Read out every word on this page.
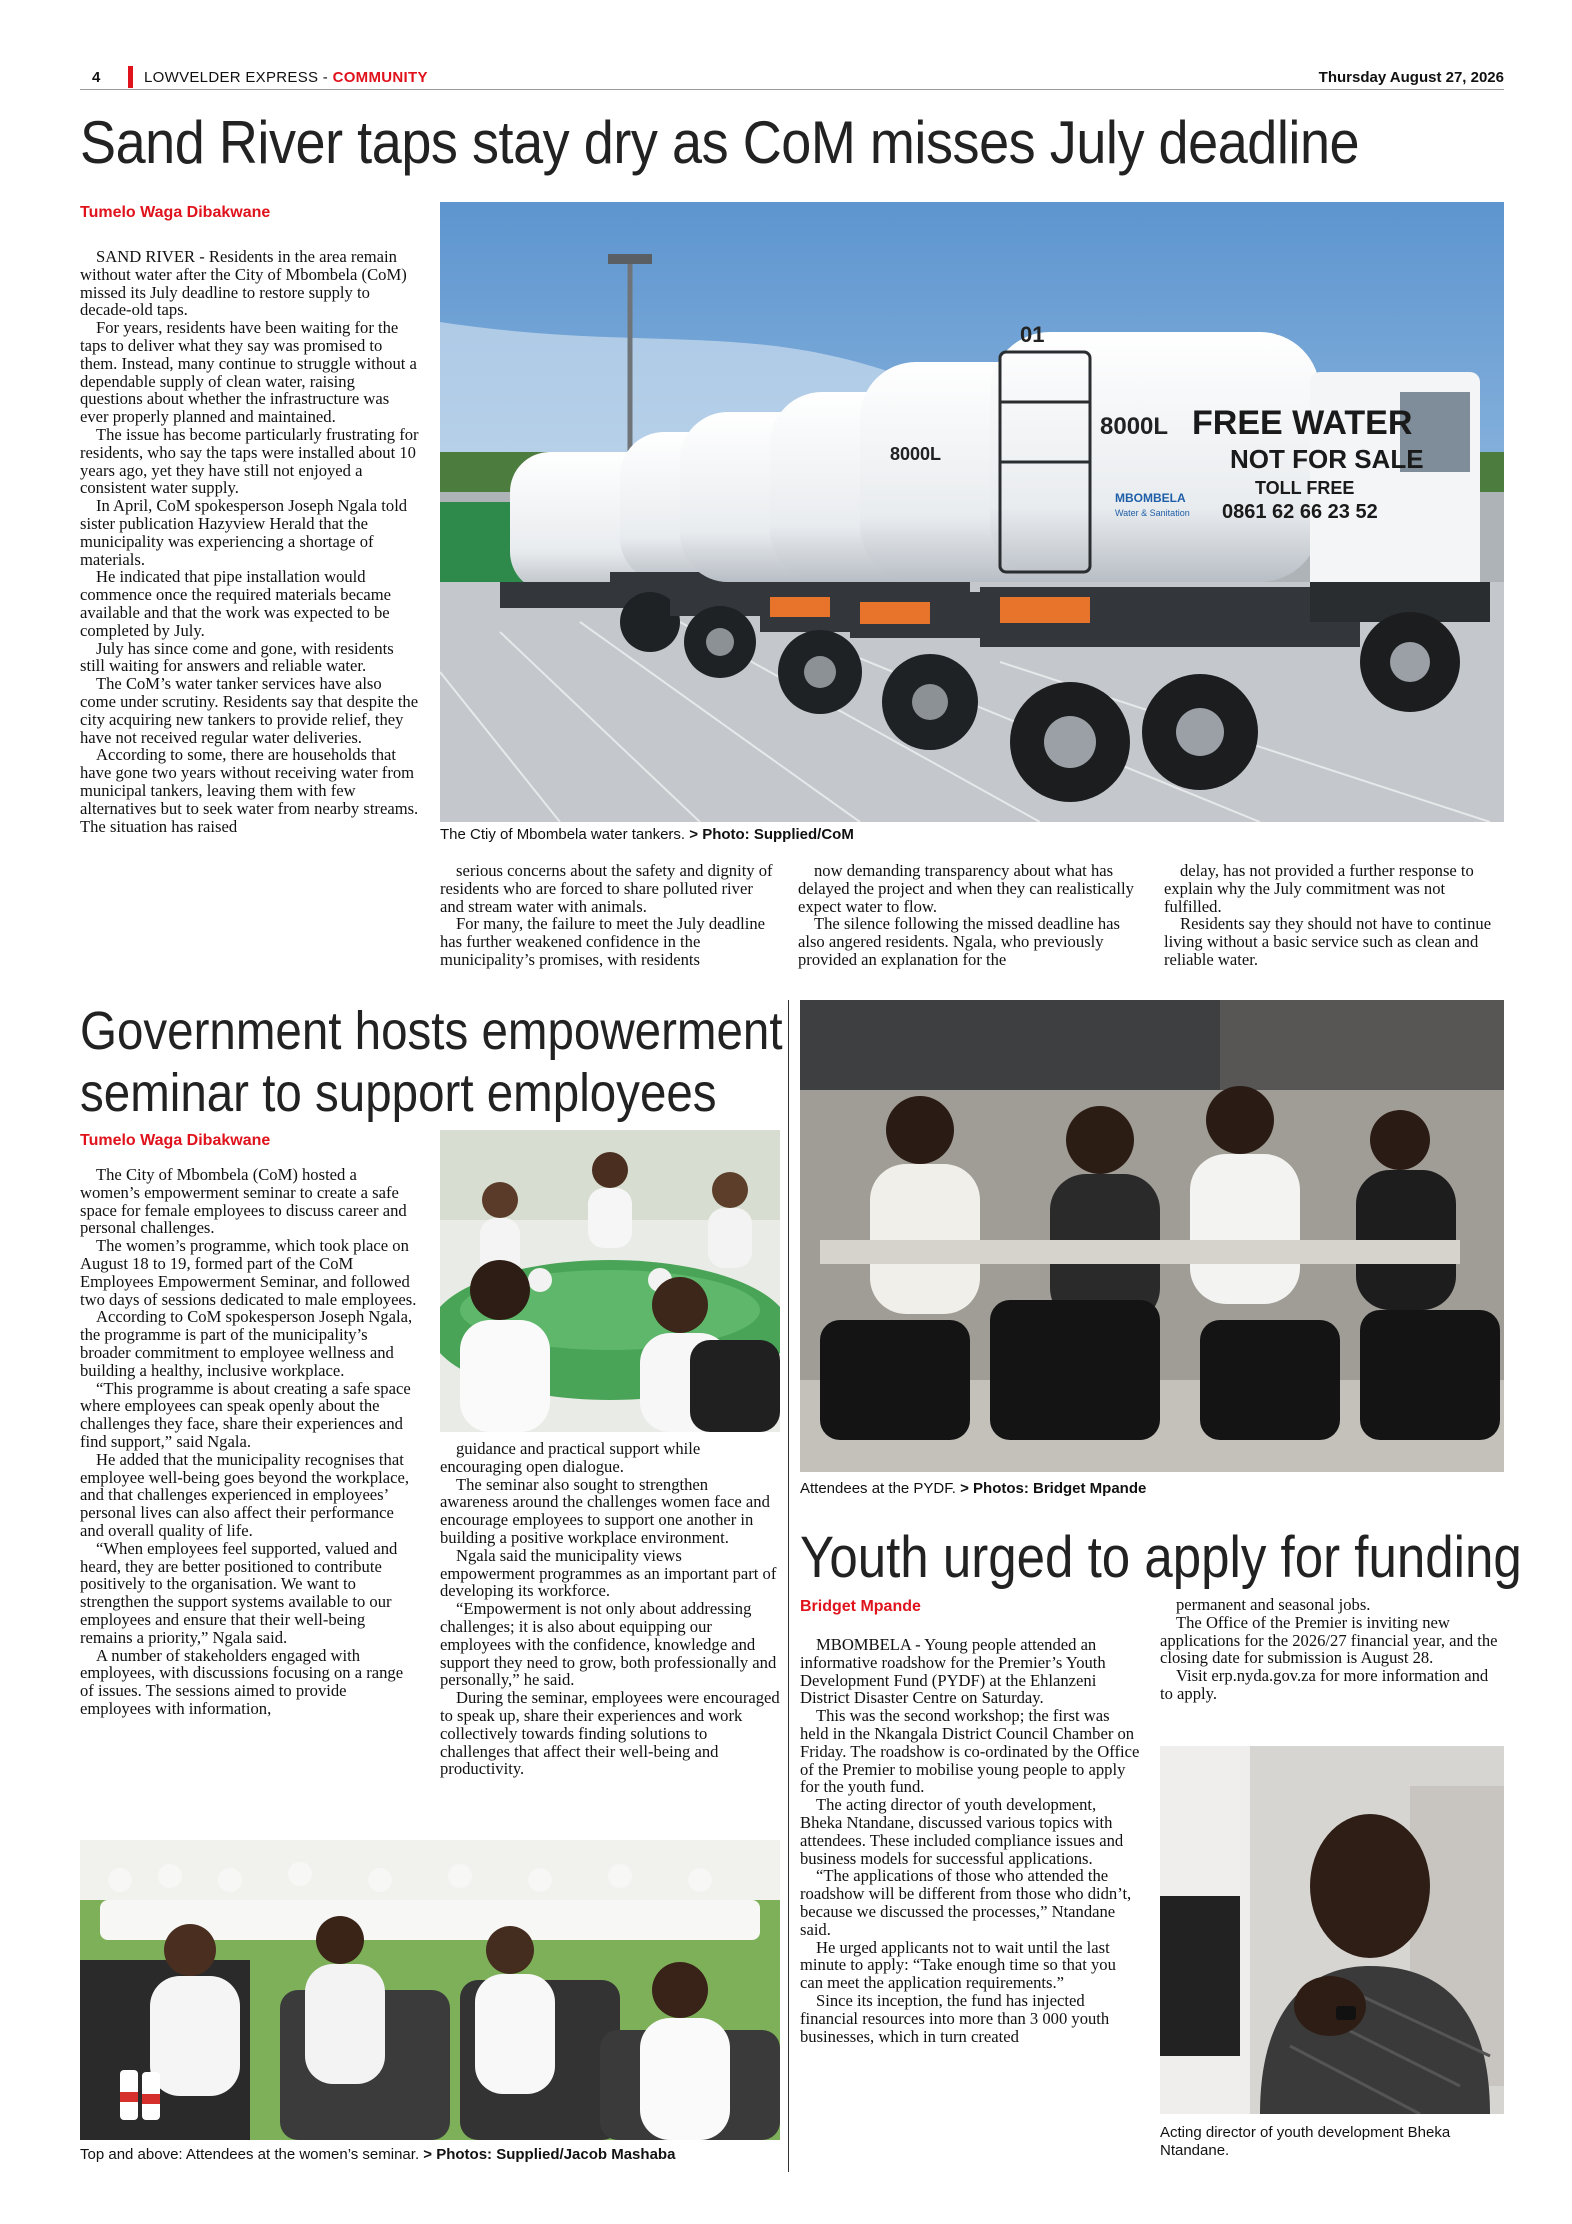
4	LOWVELDER EXPRESS - COMMUNITY	Thursday August 27, 2026
Sand River taps stay dry as CoM misses July deadline
Tumelo Waga Dibakwane

SAND RIVER - Residents in the area remain without water after the City of Mbombela (CoM) missed its July deadline to restore supply to decade-old taps.

For years, residents have been waiting for the taps to deliver what they say was promised to them. Instead, many continue to struggle without a dependable supply of clean water, raising questions about whether the infrastructure was ever properly planned and maintained.

The issue has become particularly frustrating for residents, who say the taps were installed about 10 years ago, yet they have still not enjoyed a consistent water supply.

In April, CoM spokesperson Joseph Ngala told sister publication Hazyview Herald that the municipality was experiencing a shortage of materials.

He indicated that pipe installation would commence once the required materials became available and that the work was expected to be completed by July.

July has since come and gone, with residents still waiting for answers and reliable water.

The CoM’s water tanker services have also come under scrutiny. Residents say that despite the city acquiring new tankers to provide relief, they have not received regular water deliveries.

According to some, there are households that have gone two years without receiving water from municipal tankers, leaving them with few alternatives but to seek water from nearby streams. The situation has raised

01
8000L
8000L FREE WATER
NOT FOR SALE
TOLL FREE
0861 62 66 23 52
MBOMBELA
Water & Sanitation
The Ctiy of Mbombela water tankers. > Photo: Supplied/CoM

serious concerns about the safety and dignity of residents who are forced to share polluted river and stream water with animals.

For many, the failure to meet the July deadline has further weakened confidence in the municipality’s promises, with residents

now demanding transparency about what has delayed the project and when they can realistically expect water to flow.

The silence following the missed deadline has also angered residents. Ngala, who previously provided an explanation for the

delay, has not provided a further response to explain why the July commitment was not fulfilled.

Residents say they should not have to continue living without a basic service such as clean and reliable water.

Government hosts empowerment
seminar to support employees
Tumelo Waga Dibakwane

The City of Mbombela (CoM) hosted a women’s empowerment seminar to create a safe space for female employees to discuss career and personal challenges.

The women’s programme, which took place on August 18 to 19, formed part of the CoM Employees Empowerment Seminar, and followed two days of sessions dedicated to male employees.

According to CoM spokesperson Joseph Ngala, the programme is part of the municipality’s broader commitment to employee wellness and building a healthy, inclusive workplace.

“This programme is about creating a safe space where employees can speak openly about the challenges they face, share their experiences and find support,” said Ngala.

He added that the municipality recognises that employee well-being goes beyond the workplace, and that challenges experienced in employees’ personal lives can also affect their performance and overall quality of life.

“When employees feel supported, valued and heard, they are better positioned to contribute positively to the organisation. We want to strengthen the support systems available to our employees and ensure that their well-being remains a priority,” Ngala said.

A number of stakeholders engaged with employees, with discussions focusing on a range of issues. The sessions aimed to provide employees with information,

guidance and practical support while encouraging open dialogue.

The seminar also sought to strengthen awareness around the challenges women face and encourage employees to support one another in building a positive workplace environment.

Ngala said the municipality views empowerment programmes as an important part of developing its workforce.

“Empowerment is not only about addressing challenges; it is also about equipping our employees with the confidence, knowledge and support they need to grow, both professionally and personally,” he said.

During the seminar, employees were encouraged to speak up, share their experiences and work collectively towards finding solutions to challenges that affect their well-being and productivity.

Top and above: Attendees at the women’s seminar. > Photos: Supplied/Jacob Mashaba
Attendees at the PYDF. > Photos: Bridget Mpande
Youth urged to apply for funding
Bridget Mpande

MBOMBELA - Young people attended an informative roadshow for the Premier’s Youth Development Fund (PYDF) at the Ehlanzeni District Disaster Centre on Saturday.

This was the second workshop; the first was held in the Nkangala District Council Chamber on Friday. The roadshow is co-ordinated by the Office of the Premier to mobilise young people to apply for the youth fund.

The acting director of youth development, Bheka Ntandane, discussed various topics with attendees. These included compliance issues and business models for successful applications.

“The applications of those who attended the roadshow will be different from those who didn’t, because we discussed the processes,” Ntandane said.

He urged applicants not to wait until the last minute to apply: “Take enough time so that you can meet the application requirements.”

Since its inception, the fund has injected financial resources into more than 3 000 youth businesses, which in turn created

permanent and seasonal jobs.

The Office of the Premier is inviting new applications for the 2026/27 financial year, and the closing date for submission is August 28.

Visit erp.nyda.gov.za for more information and to apply.

Acting director of youth development Bheka
Ntandane.
